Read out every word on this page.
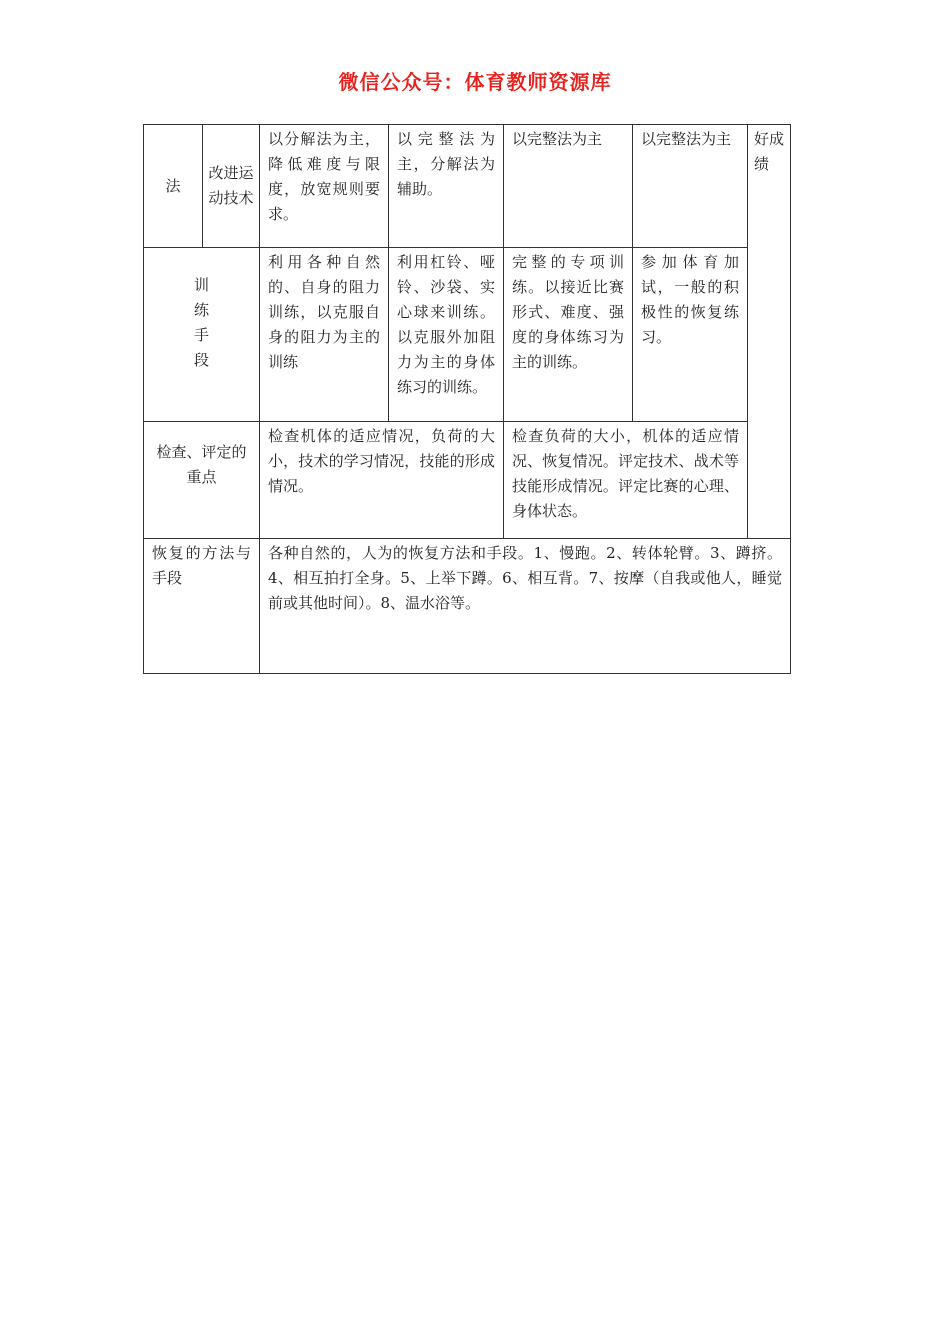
微信公众号：体育教师资源库
法	改进运动技术	以分解法为主，降低难度与限度，放宽规则要求。	以完整法为主，分解法为辅助。	以完整法为主	以完整法为主	好成绩
训练手段		利用各种自然的、自身的阻力训练，以克服自身的阻力为主的训练	利用杠铃、哑铃、沙袋、实心球来训练。以克服外加阻力为主的身体练习的训练。	完整的专项训练。以接近比赛形式、难度、强度的身体练习为主的训练。	参加体育加试，一般的积极性的恢复练习。	
检查、评定的重点		检查机体的适应情况，负荷的大小，技术的学习情况，技能的形成情况。		检查负荷的大小，机体的适应情况、恢复情况。评定技术、战术等技能形成情况。评定比赛的心理、身体状态。		
恢复的方法与手段		各种自然的，人为的恢复方法和手段。1、慢跑。2、转体轮臂。3、蹲挤。4、相互拍打全身。5、上举下蹲。6、相互背。7、按摩（自我或他人，睡觉前或其他时间）。8、温水浴等。				
